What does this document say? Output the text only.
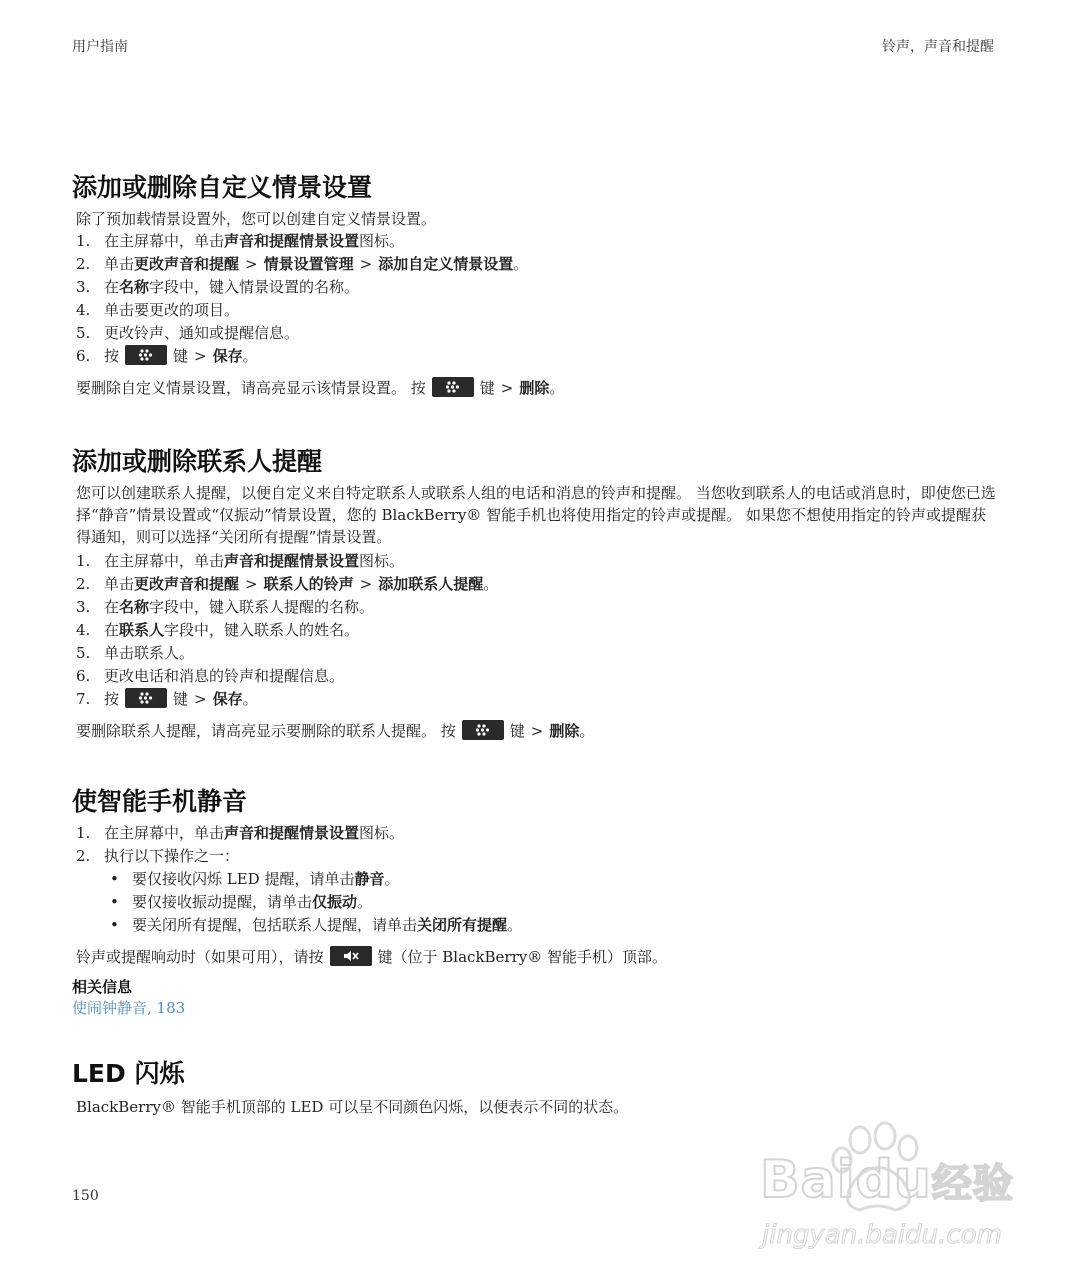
用户指南	铃声，声音和提醒
添加或删除自定义情景设置

除了预加载情景设置外，您可以创建自定义情景设置。

1. 在主屏幕中，单击声音和提醒情景设置图标。
2. 单击更改声音和提醒 > 情景设置管理 > 添加自定义情景设置。
3. 在名称字段中，键入情景设置的名称。
4. 单击要更改的项目。
5. 更改铃声、通知或提醒信息。
6. 按	键 > 保存。
要删除自定义情景设置，请高亮显示该情景设置。 按	键 > 删除。
添加或删除联系人提醒

您可以创建联系人提醒，以便自定义来自特定联系人或联系人组的电话和消息的铃声和提醒。 当您收到联系人的电话或消息时，即使您已选择“静音”情景设置或“仅振动”情景设置，您的 BlackBerry® 智能手机也将使用指定的铃声或提醒。 如果您不想使用指定的铃声或提醒获得通知，则可以选择“关闭所有提醒”情景设置。

1. 在主屏幕中，单击声音和提醒情景设置图标。
2. 单击更改声音和提醒 > 联系人的铃声 > 添加联系人提醒。
3. 在名称字段中，键入联系人提醒的名称。
4. 在联系人字段中，键入联系人的姓名。
5. 单击联系人。
6. 更改电话和消息的铃声和提醒信息。
7. 按	键 > 保存。
要删除联系人提醒，请高亮显示要删除的联系人提醒。 按	键 > 删除。
使智能手机静音
1. 在主屏幕中，单击声音和提醒情景设置图标。
2. 执行以下操作之一：
• 要仅接收闪烁 LED 提醒，请单击静音。
• 要仅接收振动提醒，请单击仅振动。
• 要关闭所有提醒，包括联系人提醒，请单击关闭所有提醒。
铃声或提醒响动时（如果可用），请按	键（位于 BlackBerry® 智能手机）顶部。
相关信息
使闹钟静音, 183
LED 闪烁

BlackBerry® 智能手机顶部的 LED 可以呈不同颜色闪烁，以便表示不同的状态。

150	Baidu经验
jingyan.baidu.com
